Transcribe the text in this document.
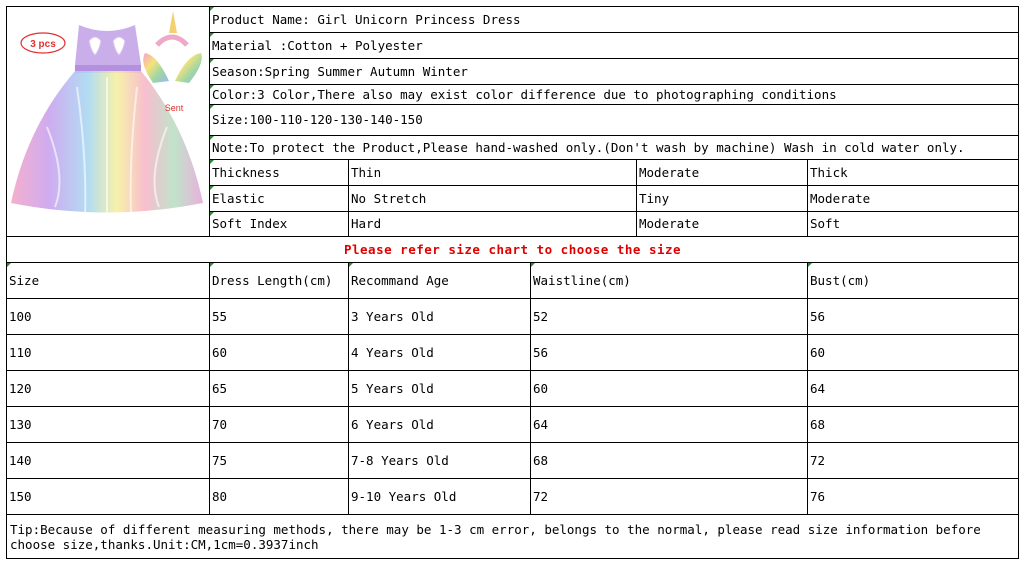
3 pcs
Sent	Product Name: Girl Unicorn Princess Dress					
	Material :Cotton + Polyester					
	Season:Spring Summer Autumn Winter					
	Color:3 Color,There also may exist color difference due to photographing conditions					
	Size:100-110-120-130-140-150					
	Note:To protect the Product,Please hand-washed only.(Don't wash by machine) Wash in cold water only.					
	Thickness	Thin		Moderate	Thick	
	Elastic	No Stretch		Tiny	Moderate	
	Soft Index	Hard		Moderate	Soft	
Please refer size chart to choose the size						
Size	Dress Length(cm)	Recommand Age	Waistline(cm)		Bust(cm)	
100	55	3 Years Old	52		56	
110	60	4 Years Old	56		60	
120	65	5 Years Old	60		64	
130	70	6 Years Old	64		68	
140	75	7-8 Years Old	68		72	
150	80	9-10 Years Old	72		76	
Tip:Because of different measuring methods, there may be 1-3 cm error, belongs to the normal, please read size information before choose size,thanks.Unit:CM,1cm=0.3937inch						
